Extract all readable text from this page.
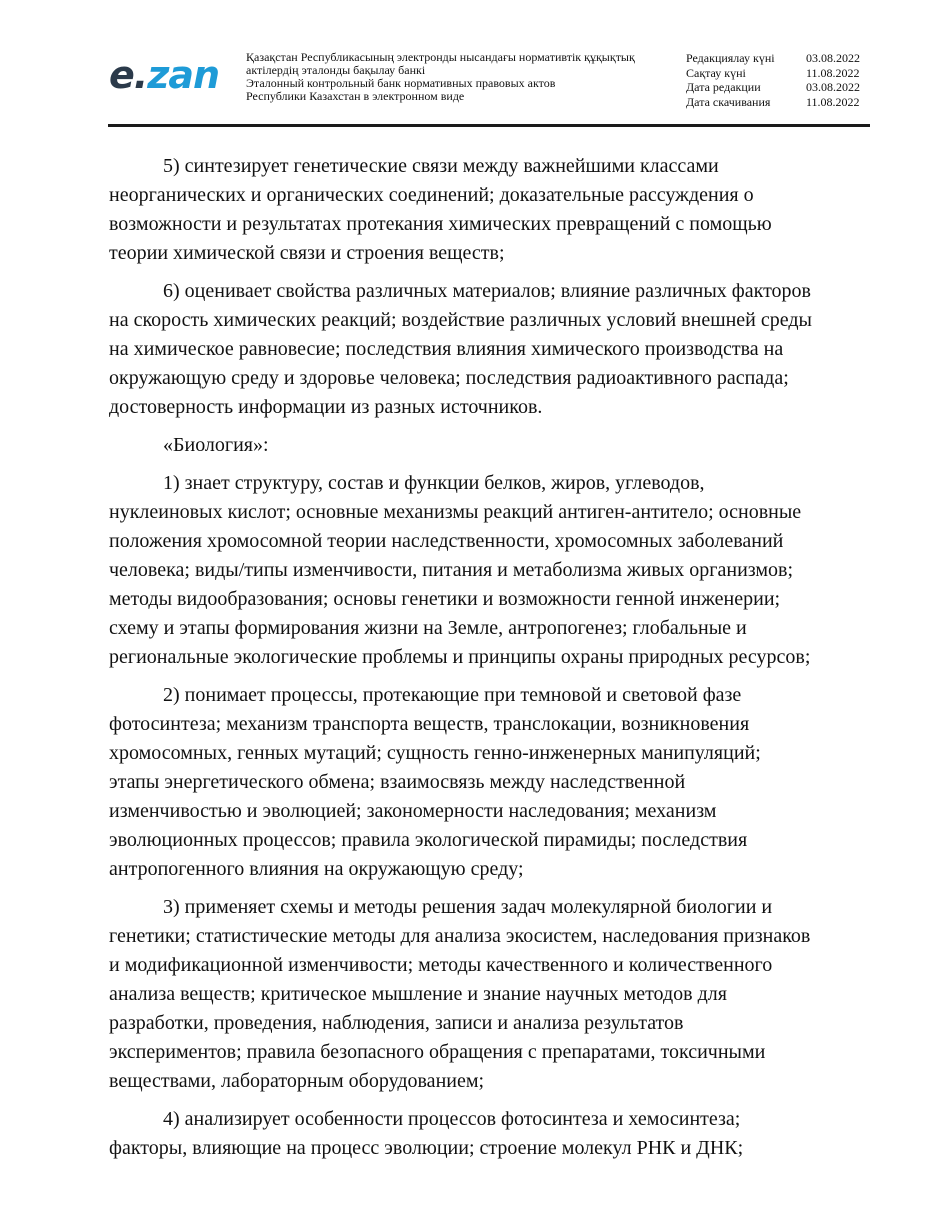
e.zan Қазақстан Республикасының электронды нысандағы нормативтік құқықтық
актілердің эталонды бақылау банкі
Эталонный контрольный банк нормативных правовых актов
Республики Казахстан в электронном виде
Редакциялау күні	03.08.2022
Сақтау күні	11.08.2022
Дата редакции	03.08.2022
Дата скачивания	11.08.2022

5) синтезирует генетические связи между важнейшими классами
неорганических и органических соединений; доказательные рассуждения о
возможности и результатах протекания химических превращений с помощью
теории химической связи и строения веществ;

6) оценивает свойства различных материалов; влияние различных факторов
на скорость химических реакций; воздействие различных условий внешней среды
на химическое равновесие; последствия влияния химического производства на
окружающую среду и здоровье человека; последствия радиоактивного распада;
достоверность информации из разных источников.

«Биология»:

1) знает структуру, состав и функции белков, жиров, углеводов,
нуклеиновых кислот; основные механизмы реакций антиген-антитело; основные
положения хромосомной теории наследственности, хромосомных заболеваний
человека; виды/типы изменчивости, питания и метаболизма живых организмов;
методы видообразования; основы генетики и возможности генной инженерии;
схему и этапы формирования жизни на Земле, антропогенез; глобальные и
региональные экологические проблемы и принципы охраны природных ресурсов;

2) понимает процессы, протекающие при темновой и световой фазе
фотосинтеза; механизм транспорта веществ, транслокации, возникновения
хромосомных, генных мутаций; сущность генно-инженерных манипуляций;
этапы энергетического обмена; взаимосвязь между наследственной
изменчивостью и эволюцией; закономерности наследования; механизм
эволюционных процессов; правила экологической пирамиды; последствия
антропогенного влияния на окружающую среду;

3) применяет схемы и методы решения задач молекулярной биологии и
генетики; статистические методы для анализа экосистем, наследования признаков
и модификационной изменчивости; методы качественного и количественного
анализа веществ; критическое мышление и знание научных методов для
разработки, проведения, наблюдения, записи и анализа результатов
экспериментов; правила безопасного обращения с препаратами, токсичными
веществами, лабораторным оборудованием;

4) анализирует особенности процессов фотосинтеза и хемосинтеза;
факторы, влияющие на процесс эволюции; строение молекул РНК и ДНК;
